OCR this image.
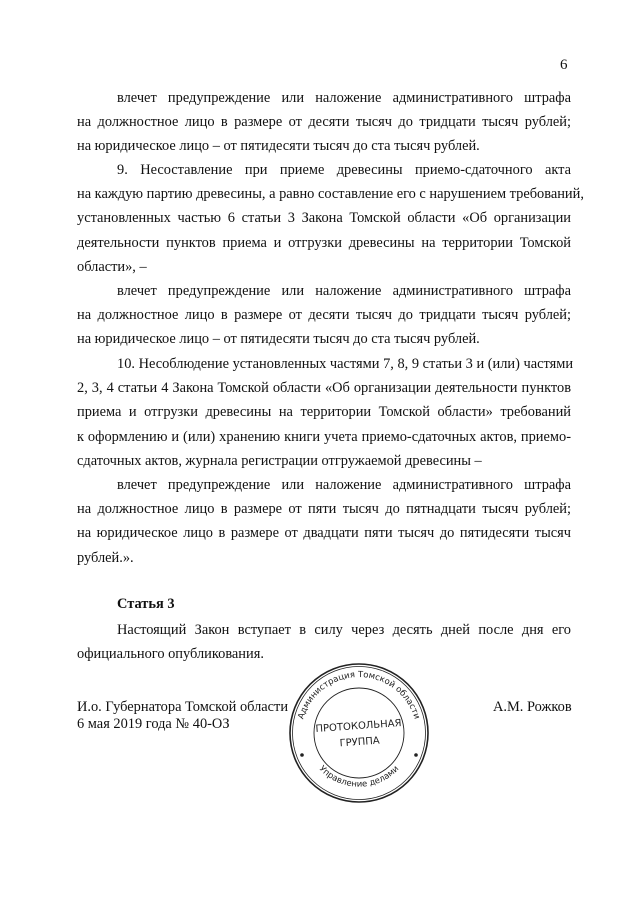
6
влечет предупреждение или наложение административного штрафа
на должностное лицо в размере от десяти тысяч до тридцати тысяч рублей;
на юридическое лицо – от пятидесяти тысяч до ста тысяч рублей.
9. Несоставление при приеме древесины приемо-сдаточного акта
на каждую партию древесины, а равно составление его с нарушением требований,
установленных частью 6 статьи 3 Закона Томской области «Об организации
деятельности пунктов приема и отгрузки древесины на территории Томской
области», –
влечет предупреждение или наложение административного штрафа
на должностное лицо в размере от десяти тысяч до тридцати тысяч рублей;
на юридическое лицо – от пятидесяти тысяч до ста тысяч рублей.
10. Несоблюдение установленных частями 7, 8, 9 статьи 3 и (или) частями
2, 3, 4 статьи 4 Закона Томской области «Об организации деятельности пунктов
приема и отгрузки древесины на территории Томской области» требований
к оформлению и (или) хранению книги учета приемо-сдаточных актов, приемо-
сдаточных актов, журнала регистрации отгружаемой древесины –
влечет предупреждение или наложение административного штрафа
на должностное лицо в размере от пяти тысяч до пятнадцати тысяч рублей;
на юридическое лицо в размере от двадцати пяти тысяч до пятидесяти тысяч
рублей.».
Статья 3
Настоящий Закон вступает в силу через десять дней после дня его
официального опубликования.
И.о. Губернатора Томской области
6 мая 2019 года № 40-ОЗ
А.М. Рожков
Администрация Томской области
Управление делами
ПРОТОКОЛЬНАЯ
ГРУППА
